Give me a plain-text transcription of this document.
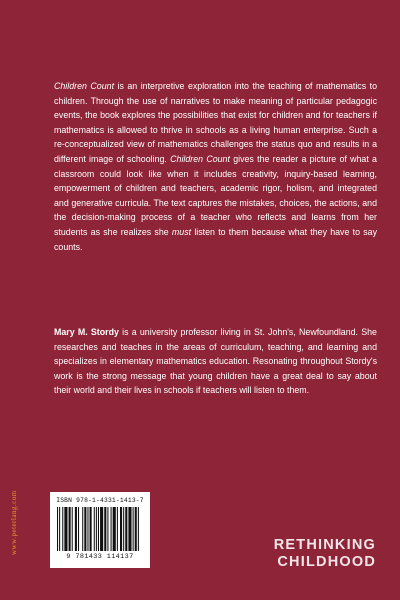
Children Count is an interpretive exploration into the teaching of mathematics to children. Through the use of narratives to make meaning of particular pedagogic events, the book explores the possibilities that exist for children and for teachers if mathematics is allowed to thrive in schools as a living human enterprise. Such a re-conceptualized view of mathematics challenges the status quo and results in a different image of schooling. Children Count gives the reader a picture of what a classroom could look like when it includes creativity, inquiry-based learning, empowerment of children and teachers, academic rigor, holism, and integrated and generative curricula. The text captures the mistakes, choices, the actions, and the decision-making process of a teacher who reflects and learns from her students as she realizes she must listen to them because what they have to say counts.

Mary M. Stordy is a university professor living in St. John's, Newfoundland. She researches and teaches in the areas of curriculum, teaching, and learning and specializes in elementary mathematics education. Resonating throughout Stordy's work is the strong message that young children have a great deal to say about their world and their lives in schools if teachers will listen to them.

www.peterlang.com	ISBN 978-1-4331-1413-7
9 781433 114137
RETHINKING
CHILDHOOD
